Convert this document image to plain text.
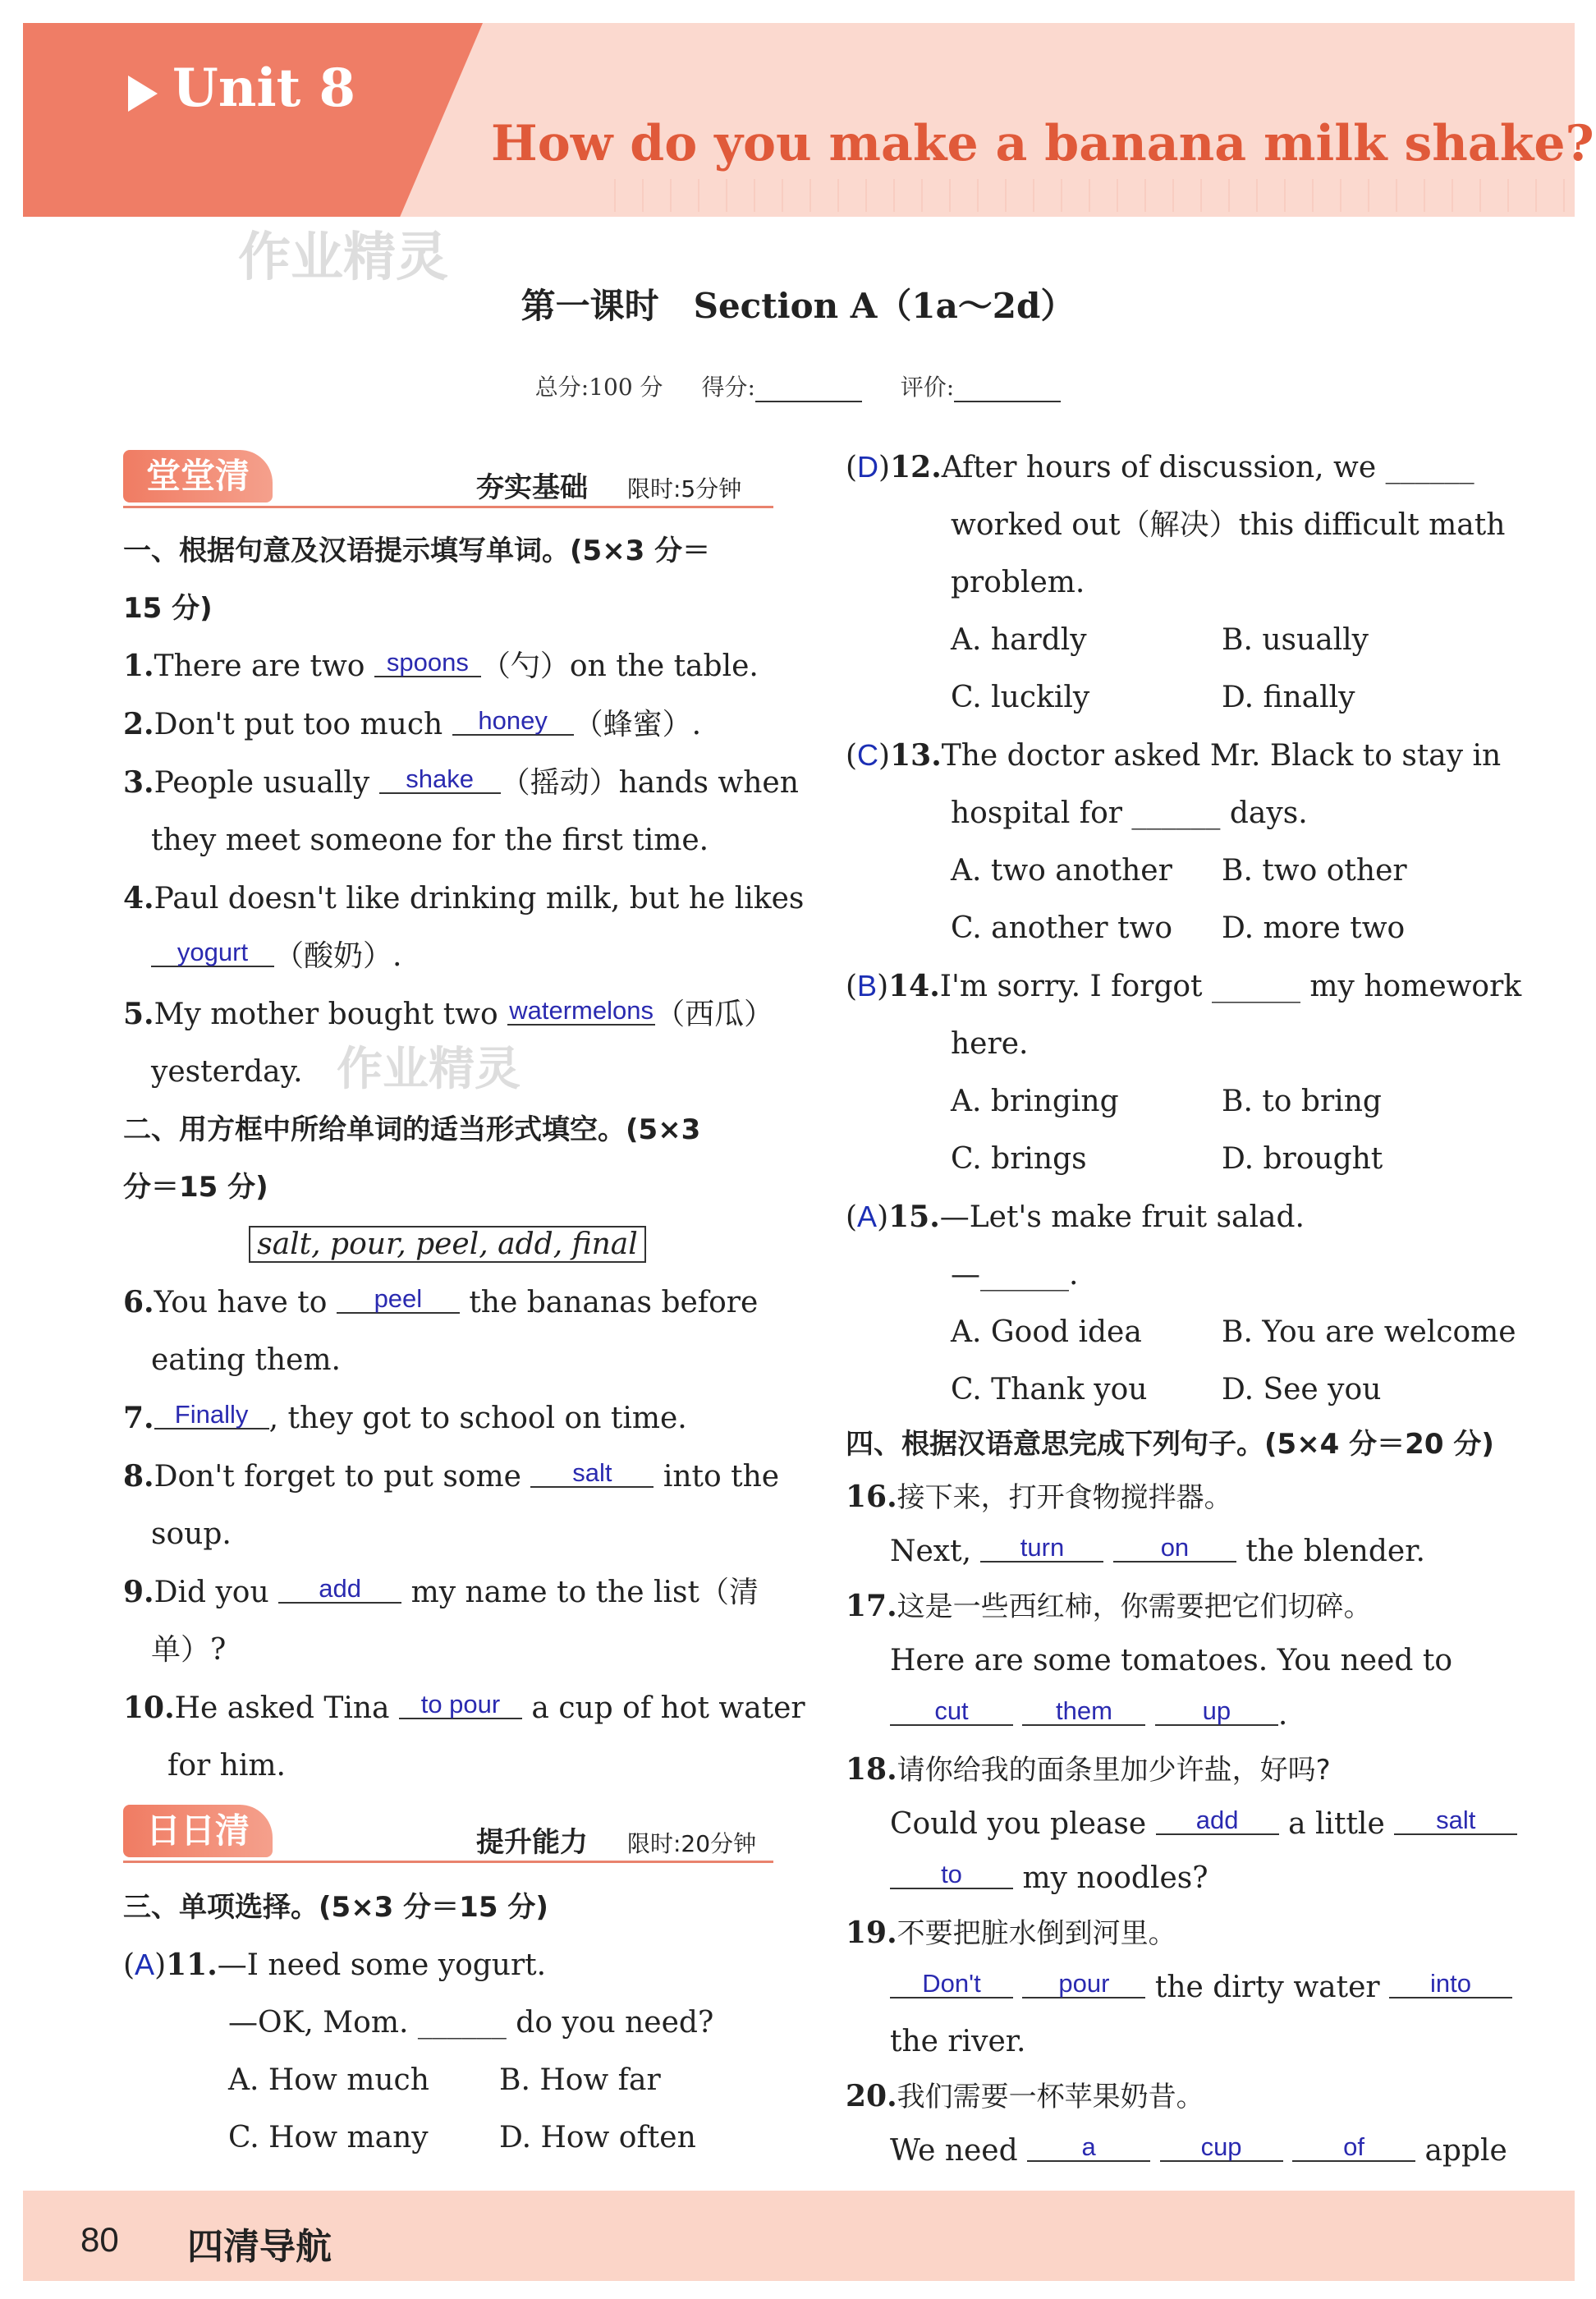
Unit 8
How do you make a banana milk shake?
作业精灵
作业精灵
第一课时　Section A（1a～2d）
总分:100 分 得分:	评价:
堂堂清	夯实基础 限时:5分钟
一、根据句意及汉语提示填写单词。(5×3 分＝
15 分)
1.There are two spoons （勺）on the table.
2.Don't put too much honey （蜂蜜）.
3.People usually shake （摇动）hands when
they meet someone for the first time.
4.Paul doesn't like drinking milk, but he likes
yogurt （酸奶）.
5.My mother bought two watermelons（西瓜）
yesterday.
二、用方框中所给单词的适当形式填空。(5×3
分＝15 分)
salt, pour, peel, add, final
6.You have to peel the bananas before
eating them.
7. Finally , they got to school on time.
8.Don't forget to put some salt into the
soup.
9.Did you add my name to the list（清
单）?
10.He asked Tina to pour a cup of hot water
for him.
日日清	提升能力 限时:20分钟
三、单项选择。(5×3 分＝15 分)
(A)11.—I need some yogurt.
—OK, Mom. ______ do you need?
A. How much B. How far
C. How many D. How often
(D)12.After hours of discussion, we ______
worked out（解决）this difficult math
problem.
A. hardly	B. usually
C. luckily	D. finally
(C)13.The doctor asked Mr. Black to stay in
hospital for ______ days.
A. two another B. two other
C. another two D. more two
(B)14.I'm sorry. I forgot ______ my homework
here.
A. bringing	B. to bring
C. brings	D. brought
(A)15.—Let's make fruit salad.
—______.
A. Good idea	B. You are welcome
C. Thank you	D. See you
四、根据汉语意思完成下列句子。(5×4 分＝20 分)
16.接下来，打开食物搅拌器。
Next, turn	on the blender.
17.这是一些西红柿，你需要把它们切碎。
Here are some tomatoes. You need to
cut	them	up .
18.请你给我的面条里加少许盐，好吗?
Could you please add a little salt
to my noodles?
19.不要把脏水倒到河里。
Don't	pour the dirty water into
the river.
20.我们需要一杯苹果奶昔。
We need	a	cup	of apple

80 四清导航
